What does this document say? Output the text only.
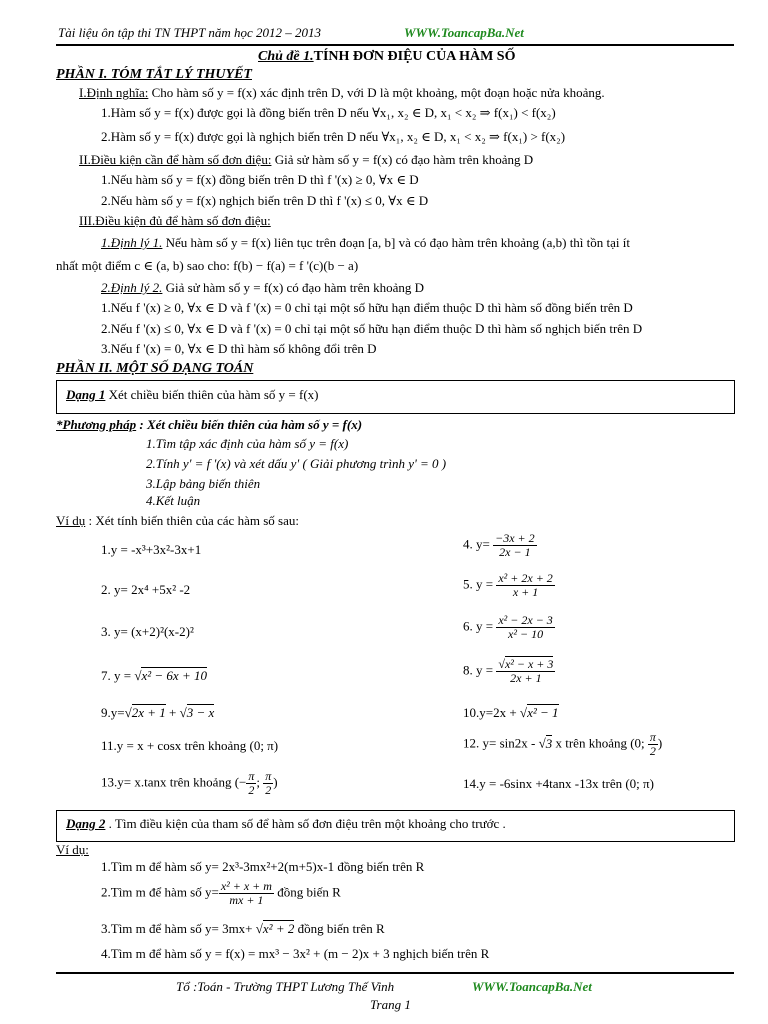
Tài liệu ôn tập thi TN THPT năm học 2012 – 2013	WWW.ToancapBa.Net
Chủ đề 1.TÍNH ĐƠN ĐIỆU CỦA HÀM SỐ
PHẦN I. TÓM TẮT LÝ THUYẾT
I.Định nghĩa: Cho hàm số y = f(x) xác định trên D, với D là một khoảng, một đoạn hoặc nửa khoảng.
1.Hàm số y = f(x) được gọi là đồng biến trên D nếu ∀x₁, x₂ ∈ D, x₁ < x₂ ⇒ f(x₁) < f(x₂)
2.Hàm số y = f(x) được gọi là nghịch biến trên D nếu ∀x₁, x₂ ∈ D, x₁ < x₂ ⇒ f(x₁) > f(x₂)
II.Điều kiện cần để hàm số đơn điệu: Giả sử hàm số y = f(x) có đạo hàm trên khoảng D
1.Nếu hàm số y = f(x) đồng biến trên D thì f '(x) ≥ 0, ∀x ∈ D
2.Nếu hàm số y = f(x) nghịch biến trên D thì f '(x) ≤ 0, ∀x ∈ D
III.Điều kiện đủ để hàm số đơn điệu:
1.Định lý 1. Nếu hàm số y = f(x) liên tục trên đoạn [a, b] và có đạo hàm trên khoảng (a,b) thì tồn tại ít
nhất một điểm c ∈ (a, b) sao cho: f(b) − f(a) = f '(c)(b − a)
2.Định lý 2. Giả sử hàm số y = f(x) có đạo hàm trên khoảng D
1.Nếu f '(x) ≥ 0, ∀x ∈ D và f '(x) = 0 chỉ tại một số hữu hạn điểm thuộc D thì hàm số đồng biến trên D
2.Nếu f '(x) ≤ 0, ∀x ∈ D và f '(x) = 0 chỉ tại một số hữu hạn điểm thuộc D thì hàm số nghịch biến trên D
3.Nếu f '(x) = 0, ∀x ∈ D thì hàm số không đổi trên D
PHẦN II. MỘT SỐ DẠNG TOÁN
Dạng 1 Xét chiều biến thiên của hàm số y = f(x)
*Phương pháp : Xét chiều biến thiên của hàm số y = f(x)
1.Tìm tập xác định của hàm số y = f(x)
2.Tính y' = f '(x) và xét dấu y' ( Giải phương trình y' = 0 )
3.Lập bảng biến thiên
4.Kết luận
Ví dụ : Xét tính biến thiên của các hàm số sau:
1.y = -x³+3x²-3x+1	4. $y= \frac{-3x + 2}{2x - 1}$
2. y= 2x⁴ +5x² -2	5. $y = \frac{\text{x² + 2x + 2}}{x + 1}$
3. y= (x+2)²(x-2)²	6. $y = \frac{\text{x² − 2x − 3}}{\text{x² − 10}}$
7. y = √x² − 6x + 10	8. $y = \frac{\text{√x² − x + 3}}{2x + 1}$
9.y=√2x + 1 + √3 − x	10.y=2x + √x² − 1
11.y = x + cosx trên khoảng (0; π)	12. y= sin2x - √3 x trên khoảng (0; $\frac{\pi}{2}$ )
13.y= x.tanx trên khoảng (− $\frac{\pi}{2}$ ; $\frac{\pi}{2}$ )	14.y = -6sinx +4tanx -13x trên (0; π)
Dạng 2 . Tìm điều kiện của tham số để hàm số đơn điệu trên một khoảng cho trước .
Ví dụ:
1.Tìm m để hàm số y= 2x³-3mx²+2(m+5)x-1 đồng biến trên R
2.Tìm m để hàm số $y= \frac{\text{x² + x + m}}{mx + 1}$ đồng biến R
3.Tìm m để hàm số y= 3mx+ √x² + 2 đồng biến trên R
4.Tìm m để hàm số y = f(x) = mx³ − 3x² + (m − 2)x + 3 nghịch biến trên R
Tổ :Toán - Trường THPT Lương Thế Vinh	WWW.ToancapBa.Net
Trang 1
